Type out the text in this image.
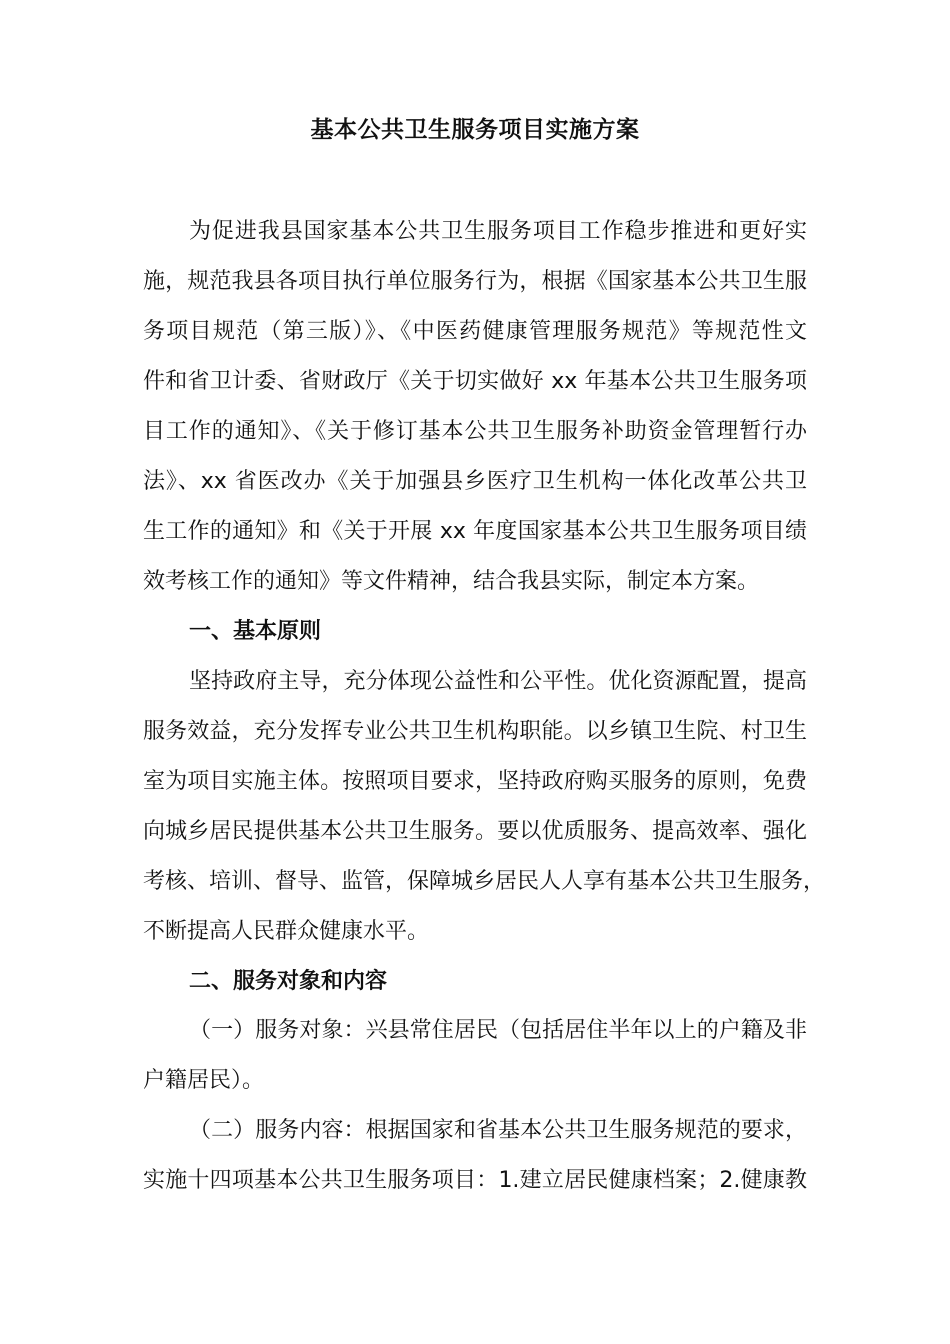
基本公共卫生服务项目实施方案
为促进我县国家基本公共卫生服务项目工作稳步推进和更好实
施，规范我县各项目执行单位服务行为，根据《国家基本公共卫生服
务项目规范（第三版）》、《中医药健康管理服务规范》等规范性文
件和省卫计委、省财政厅《关于切实做好 xx 年基本公共卫生服务项
目工作的通知》、《关于修订基本公共卫生服务补助资金管理暂行办
法》、xx 省医改办《关于加强县乡医疗卫生机构一体化改革公共卫
生工作的通知》和《关于开展 xx 年度国家基本公共卫生服务项目绩
效考核工作的通知》等文件精神，结合我县实际，制定本方案。
一、基本原则
坚持政府主导，充分体现公益性和公平性。优化资源配置，提高
服务效益，充分发挥专业公共卫生机构职能。以乡镇卫生院、村卫生
室为项目实施主体。按照项目要求，坚持政府购买服务的原则，免费
向城乡居民提供基本公共卫生服务。要以优质服务、提高效率、强化
考核、培训、督导、监管，保障城乡居民人人享有基本公共卫生服务，
不断提高人民群众健康水平。
二、服务对象和内容
（一）服务对象：兴县常住居民（包括居住半年以上的户籍及非
户籍居民）。
（二）服务内容：根据国家和省基本公共卫生服务规范的要求，
实施十四项基本公共卫生服务项目：1.建立居民健康档案；2.健康教
